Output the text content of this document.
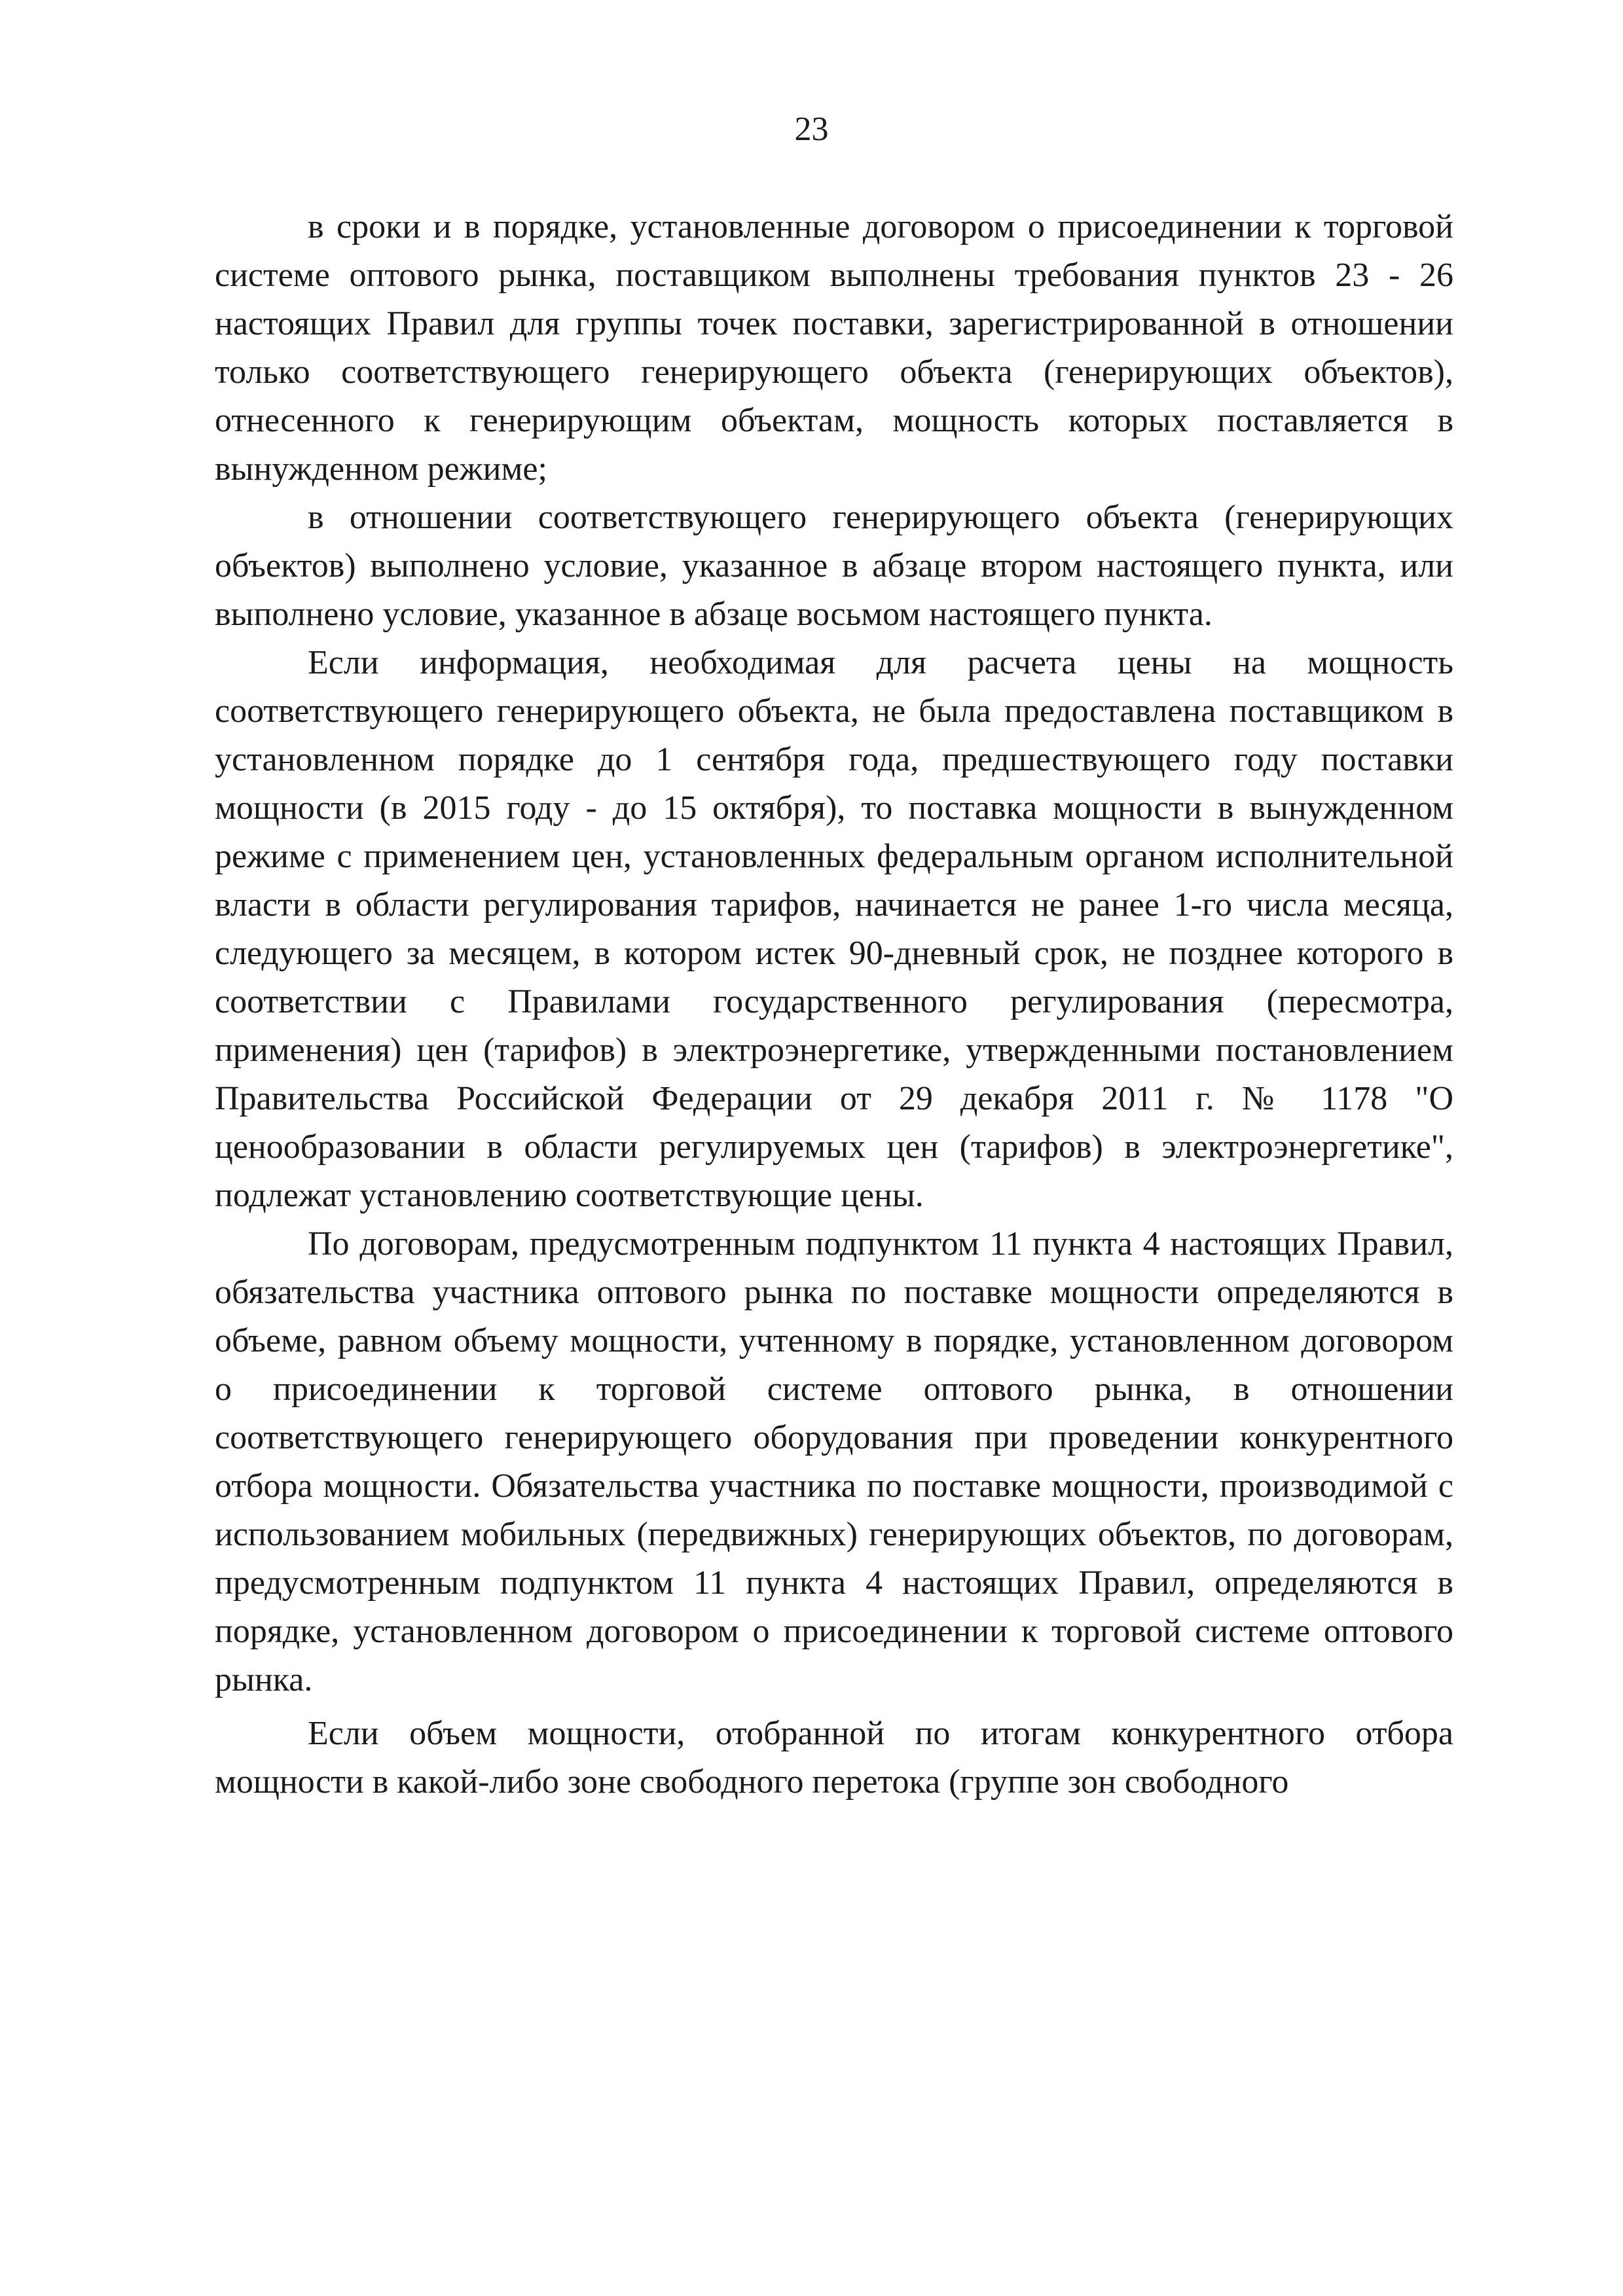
23

в сроки и в порядке, установленные договором о присоединении к торговой системе оптового рынка, поставщиком выполнены требования пунктов 23 - 26 настоящих Правил для группы точек поставки, зарегистрированной в отношении только соответствующего генерирующего объекта (генерирующих объектов), отнесенного к генерирующим объектам, мощность которых поставляется в вынужденном режиме;

в отношении соответствующего генерирующего объекта (генерирующих объектов) выполнено условие, указанное в абзаце втором настоящего пункта, или выполнено условие, указанное в абзаце восьмом настоящего пункта.

Если информация, необходимая для расчета цены на мощность соответствующего генерирующего объекта, не была предоставлена поставщиком в установленном порядке до 1 сентября года, предшествующего году поставки мощности (в 2015 году - до 15 октября), то поставка мощности в вынужденном режиме с применением цен, установленных федеральным органом исполнительной власти в области регулирования тарифов, начинается не ранее 1-го числа месяца, следующего за месяцем, в котором истек 90-дневный срок, не позднее которого в соответствии с Правилами государственного регулирования (пересмотра, применения) цен (тарифов) в электроэнергетике, утвержденными постановлением Правительства Российской Федерации от 29 декабря 2011 г. № 1178 "О ценообразовании в области регулируемых цен (тарифов) в электроэнергетике", подлежат установлению соответствующие цены.

По договорам, предусмотренным подпунктом 11 пункта 4 настоящих Правил, обязательства участника оптового рынка по поставке мощности определяются в объеме, равном объему мощности, учтенному в порядке, установленном договором о присоединении к торговой системе оптового рынка, в отношении соответствующего генерирующего оборудования при проведении конкурентного отбора мощности. Обязательства участника по поставке мощности, производимой с использованием мобильных (передвижных) генерирующих объектов, по договорам, предусмотренным подпунктом 11 пункта 4 настоящих Правил, определяются в порядке, установленном договором о присоединении к торговой системе оптового рынка.

Если объем мощности, отобранной по итогам конкурентного отбора мощности в какой-либо зоне свободного перетока (группе зон свободного
